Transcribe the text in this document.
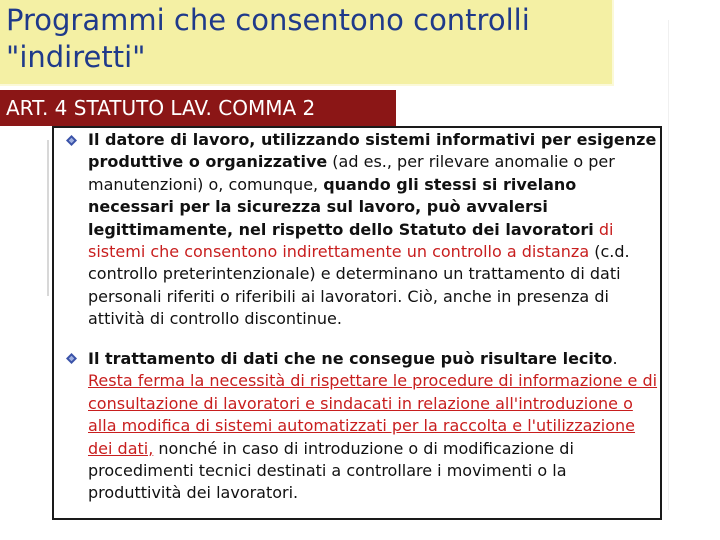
Programmi che consentono controlli
"indiretti"
ART. 4 STATUTO LAV. COMMA 2

Il datore di lavoro, utilizzando sistemi informativi per esigenze produttive o organizzative (ad es., per rilevare anomalie o per manutenzioni) o, comunque, quando gli stessi si rivelano necessari per la sicurezza sul lavoro, può avvalersi legittimamente, nel rispetto dello Statuto dei lavoratori di sistemi che consentono indirettamente un controllo a distanza (c.d. controllo preterintenzionale) e determinano un trattamento di dati personali riferiti o riferibili ai lavoratori. Ciò, anche in presenza di attività di controllo discontinue.

Il trattamento di dati che ne consegue può risultare lecito. Resta ferma la necessità di rispettare le procedure di informazione e di consultazione di lavoratori e sindacati in relazione all'introduzione o alla modifica di sistemi automatizzati per la raccolta e l'utilizzazione dei dati, nonché in caso di introduzione o di modificazione di procedimenti tecnici destinati a controllare i movimenti o la produttività dei lavoratori.
